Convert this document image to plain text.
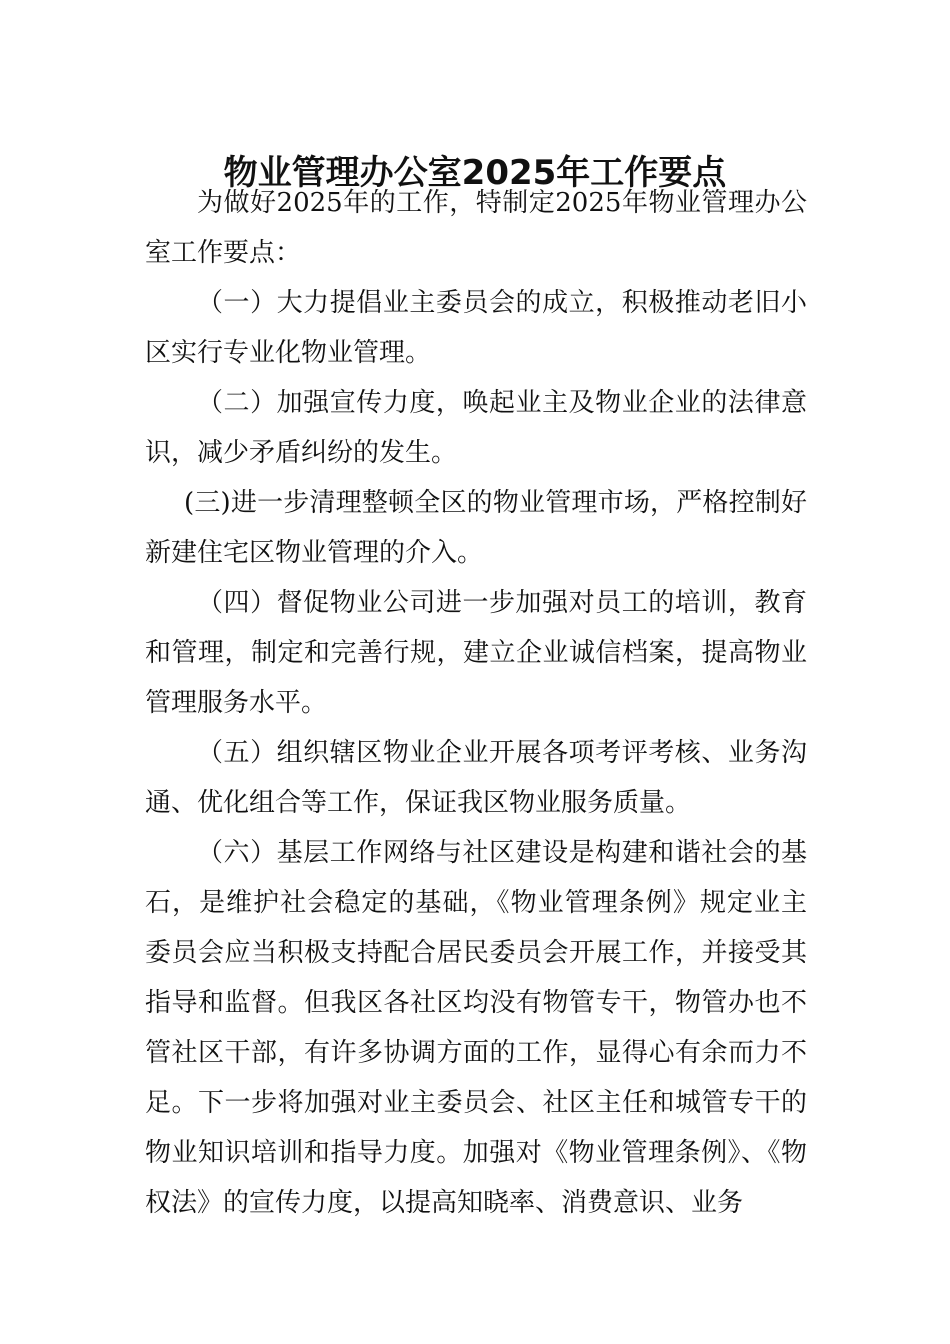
物业管理办公室2025年工作要点

为做好2025年的工作，特制定2025年物业管理办公室工作要点：

（一）大力提倡业主委员会的成立，积极推动老旧小区实行专业化物业管理。

（二）加强宣传力度，唤起业主及物业企业的法律意识，减少矛盾纠纷的发生。

(三)进一步清理整顿全区的物业管理市场，严格控制好新建住宅区物业管理的介入。

（四）督促物业公司进一步加强对员工的培训，教育和管理，制定和完善行规，建立企业诚信档案，提高物业管理服务水平。

（五）组织辖区物业企业开展各项考评考核、业务沟通、优化组合等工作，保证我区物业服务质量。

（六）基层工作网络与社区建设是构建和谐社会的基石，是维护社会稳定的基础，《物业管理条例》规定业主委员会应当积极支持配合居民委员会开展工作，并接受其指导和监督。但我区各社区均没有物管专干，物管办也不管社区干部，有许多协调方面的工作，显得心有余而力不足。下一步将加强对业主委员会、社区主任和城管专干的物业知识培训和指导力度。加强对《物业管理条例》、《物权法》的宣传力度，以提高知晓率、消费意识、业务
